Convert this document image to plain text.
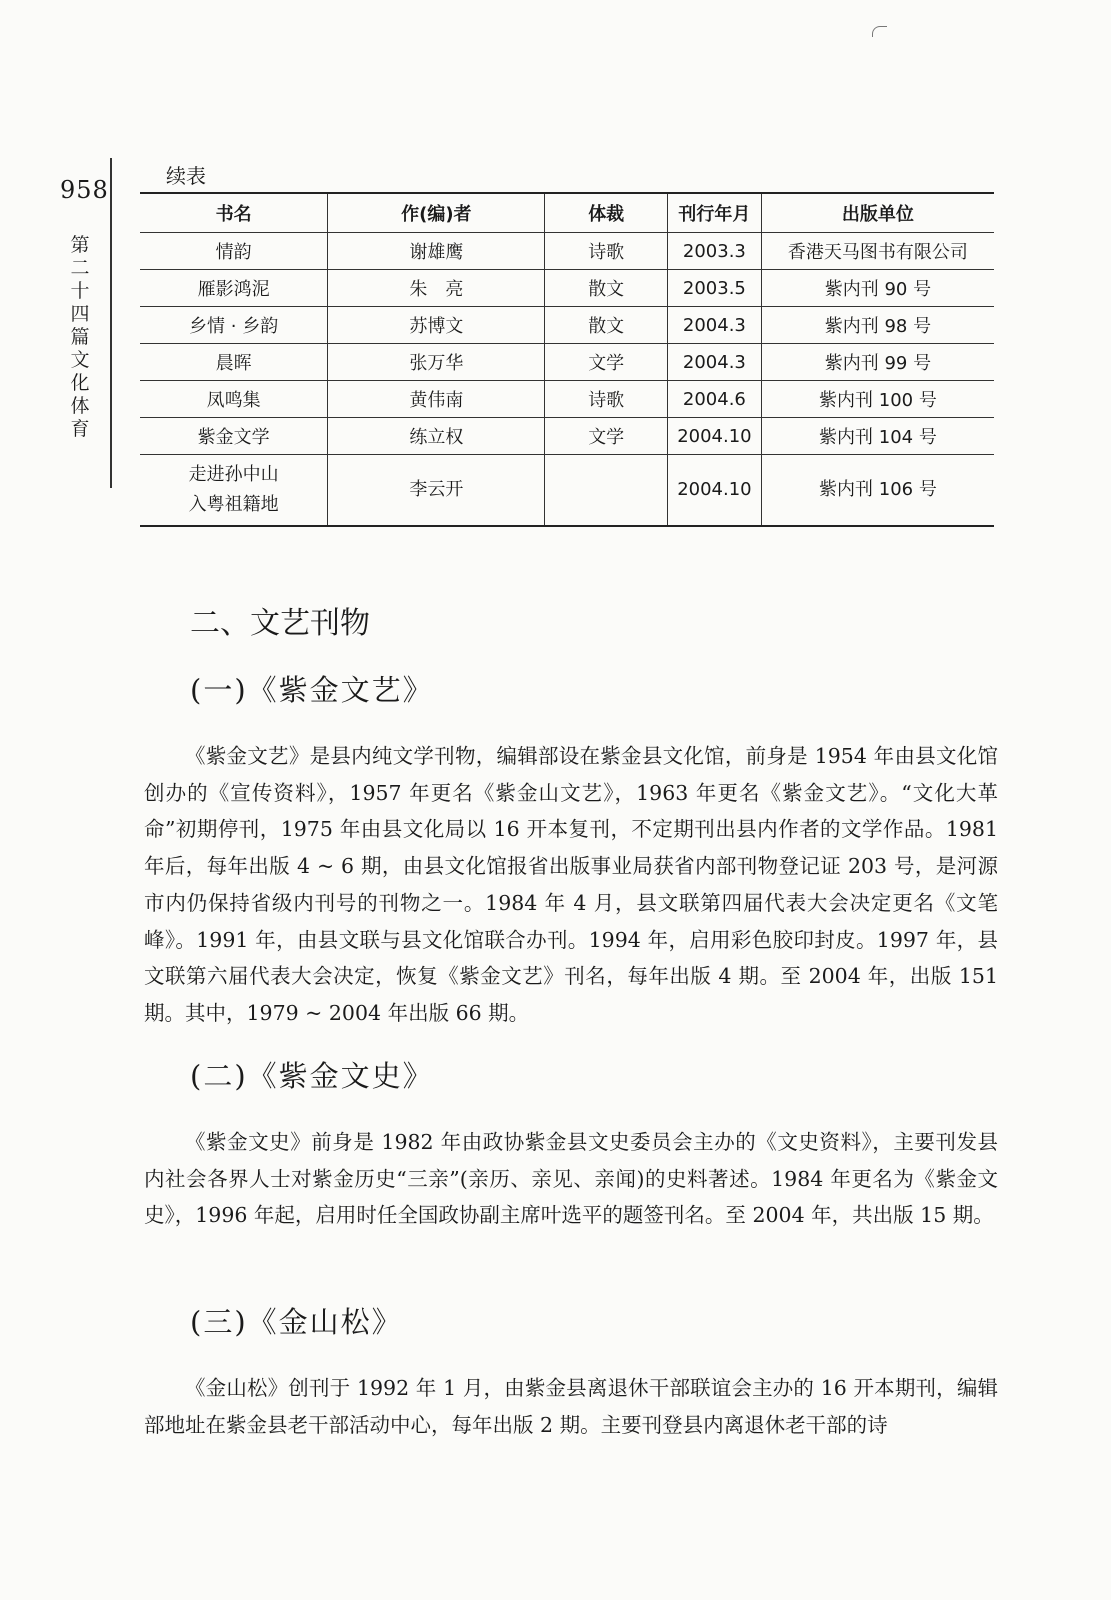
958
第二十四篇 文化 体育
续表
书名	作(编)者	体裁	刊行年月	出版单位
情韵	谢雄鹰	诗歌	2003.3	香港天马图书有限公司
雁影鸿泥	朱　亮	散文	2003.5	紫内刊 90 号
乡情 · 乡韵	苏博文	散文	2004.3	紫内刊 98 号
晨晖	张万华	文学	2004.3	紫内刊 99 号
凤鸣集	黄伟南	诗歌	2004.6	紫内刊 100 号
紫金文学	练立权	文学	2004.10	紫内刊 104 号
走进孙中山
入粤祖籍地	李云开		2004.10	紫内刊 106 号
二、文艺刊物
(一)《紫金文艺》
《紫金文艺》是县内纯文学刊物，编辑部设在紫金县文化馆，前身是 1954 年由县文化馆创办的《宣传资料》，1957 年更名《紫金山文艺》，1963 年更名《紫金文艺》。“文化大革命”初期停刊，1975 年由县文化局以 16 开本复刊，不定期刊出县内作者的文学作品。1981 年后，每年出版 4 ~ 6 期，由县文化馆报省出版事业局获省内部刊物登记证 203 号，是河源市内仍保持省级内刊号的刊物之一。1984 年 4 月，县文联第四届代表大会决定更名《文笔峰》。1991 年，由县文联与县文化馆联合办刊。1994 年，启用彩色胶印封皮。1997 年，县文联第六届代表大会决定，恢复《紫金文艺》刊名，每年出版 4 期。至 2004 年，出版 151 期。其中，1979 ~ 2004 年出版 66 期。
(二)《紫金文史》
《紫金文史》前身是 1982 年由政协紫金县文史委员会主办的《文史资料》，主要刊发县内社会各界人士对紫金历史“三亲”(亲历、亲见、亲闻)的史料著述。1984 年更名为《紫金文史》，1996 年起，启用时任全国政协副主席叶选平的题签刊名。至 2004 年，共出版 15 期。
(三)《金山松》
《金山松》创刊于 1992 年 1 月，由紫金县离退休干部联谊会主办的 16 开本期刊，编辑部地址在紫金县老干部活动中心，每年出版 2 期。主要刊登县内离退休老干部的诗
